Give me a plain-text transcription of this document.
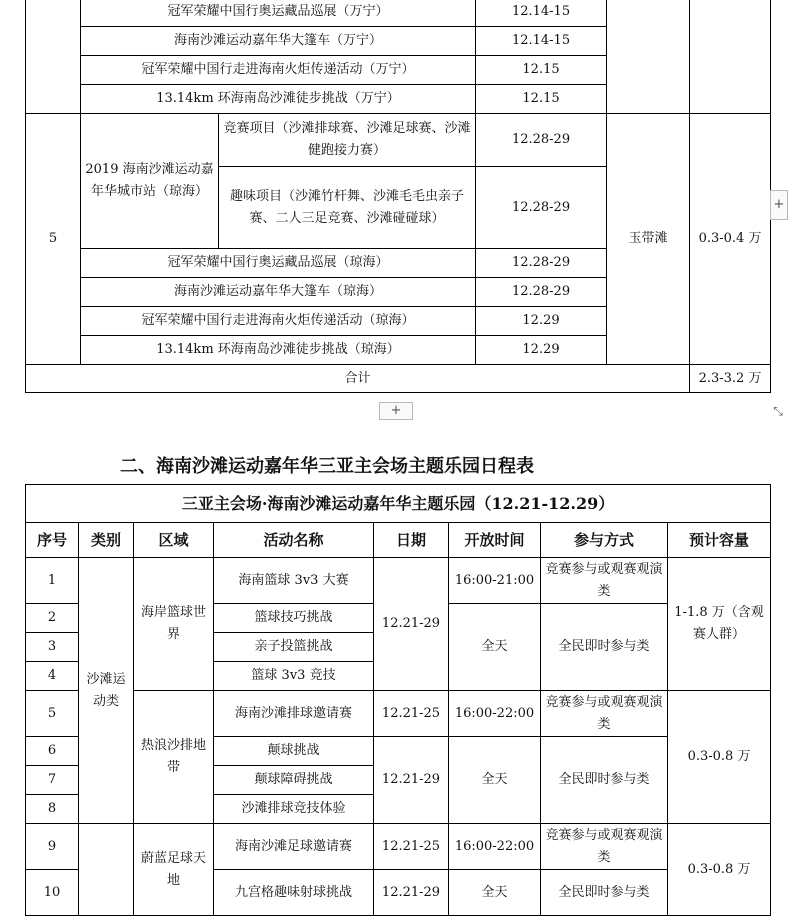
	冠军荣耀中国行奥运藏品巡展（万宁）		12.14-15		
	海南沙滩运动嘉年华大篷车（万宁）		12.14-15		
	冠军荣耀中国行走进海南火炬传递活动（万宁）		12.15		
	13.14km 环海南岛沙滩徒步挑战（万宁）		12.15		
5	2019 海南沙滩运动嘉年华城市站（琼海）	竞赛项目（沙滩排球赛、沙滩足球赛、沙滩健跑接力赛）	12.28-29	玉带滩	0.3-0.4 万
		趣味项目（沙滩竹杆舞、沙滩毛毛虫亲子赛、二人三足竞赛、沙滩碰碰球）	12.28-29		
	冠军荣耀中国行奥运藏品巡展（琼海）		12.28-29		
	海南沙滩运动嘉年华大篷车（琼海）		12.28-29		
	冠军荣耀中国行走进海南火炬传递活动（琼海）		12.29		
	13.14km 环海南岛沙滩徒步挑战（琼海）		12.29		
合计					2.3-3.2 万
+
+
⤡
二、海南沙滩运动嘉年华三亚主会场主题乐园日程表
三亚主会场·海南沙滩运动嘉年华主题乐园（12.21-12.29）							
序号	类别	区域	活动名称	日期	开放时间	参与方式	预计容量
1	沙滩运动类	海岸篮球世界	海南篮球 3v3 大赛	12.21-29	16:00-21:00	竞赛参与或观赛观演类	1-1.8 万（含观赛人群）
2			篮球技巧挑战		全天	全民即时参与类	
3			亲子投篮挑战				
4			篮球 3v3 竞技				
5		热浪沙排地带	海南沙滩排球邀请赛	12.21-25	16:00-22:00	竞赛参与或观赛观演类	0.3-0.8 万
6			颠球挑战	12.21-29	全天	全民即时参与类	
7			颠球障碍挑战				
8			沙滩排球竞技体验				
9		蔚蓝足球天地	海南沙滩足球邀请赛	12.21-25	16:00-22:00	竞赛参与或观赛观演类	0.3-0.8 万
10			九宫格趣味射球挑战	12.21-29	全天	全民即时参与类	
